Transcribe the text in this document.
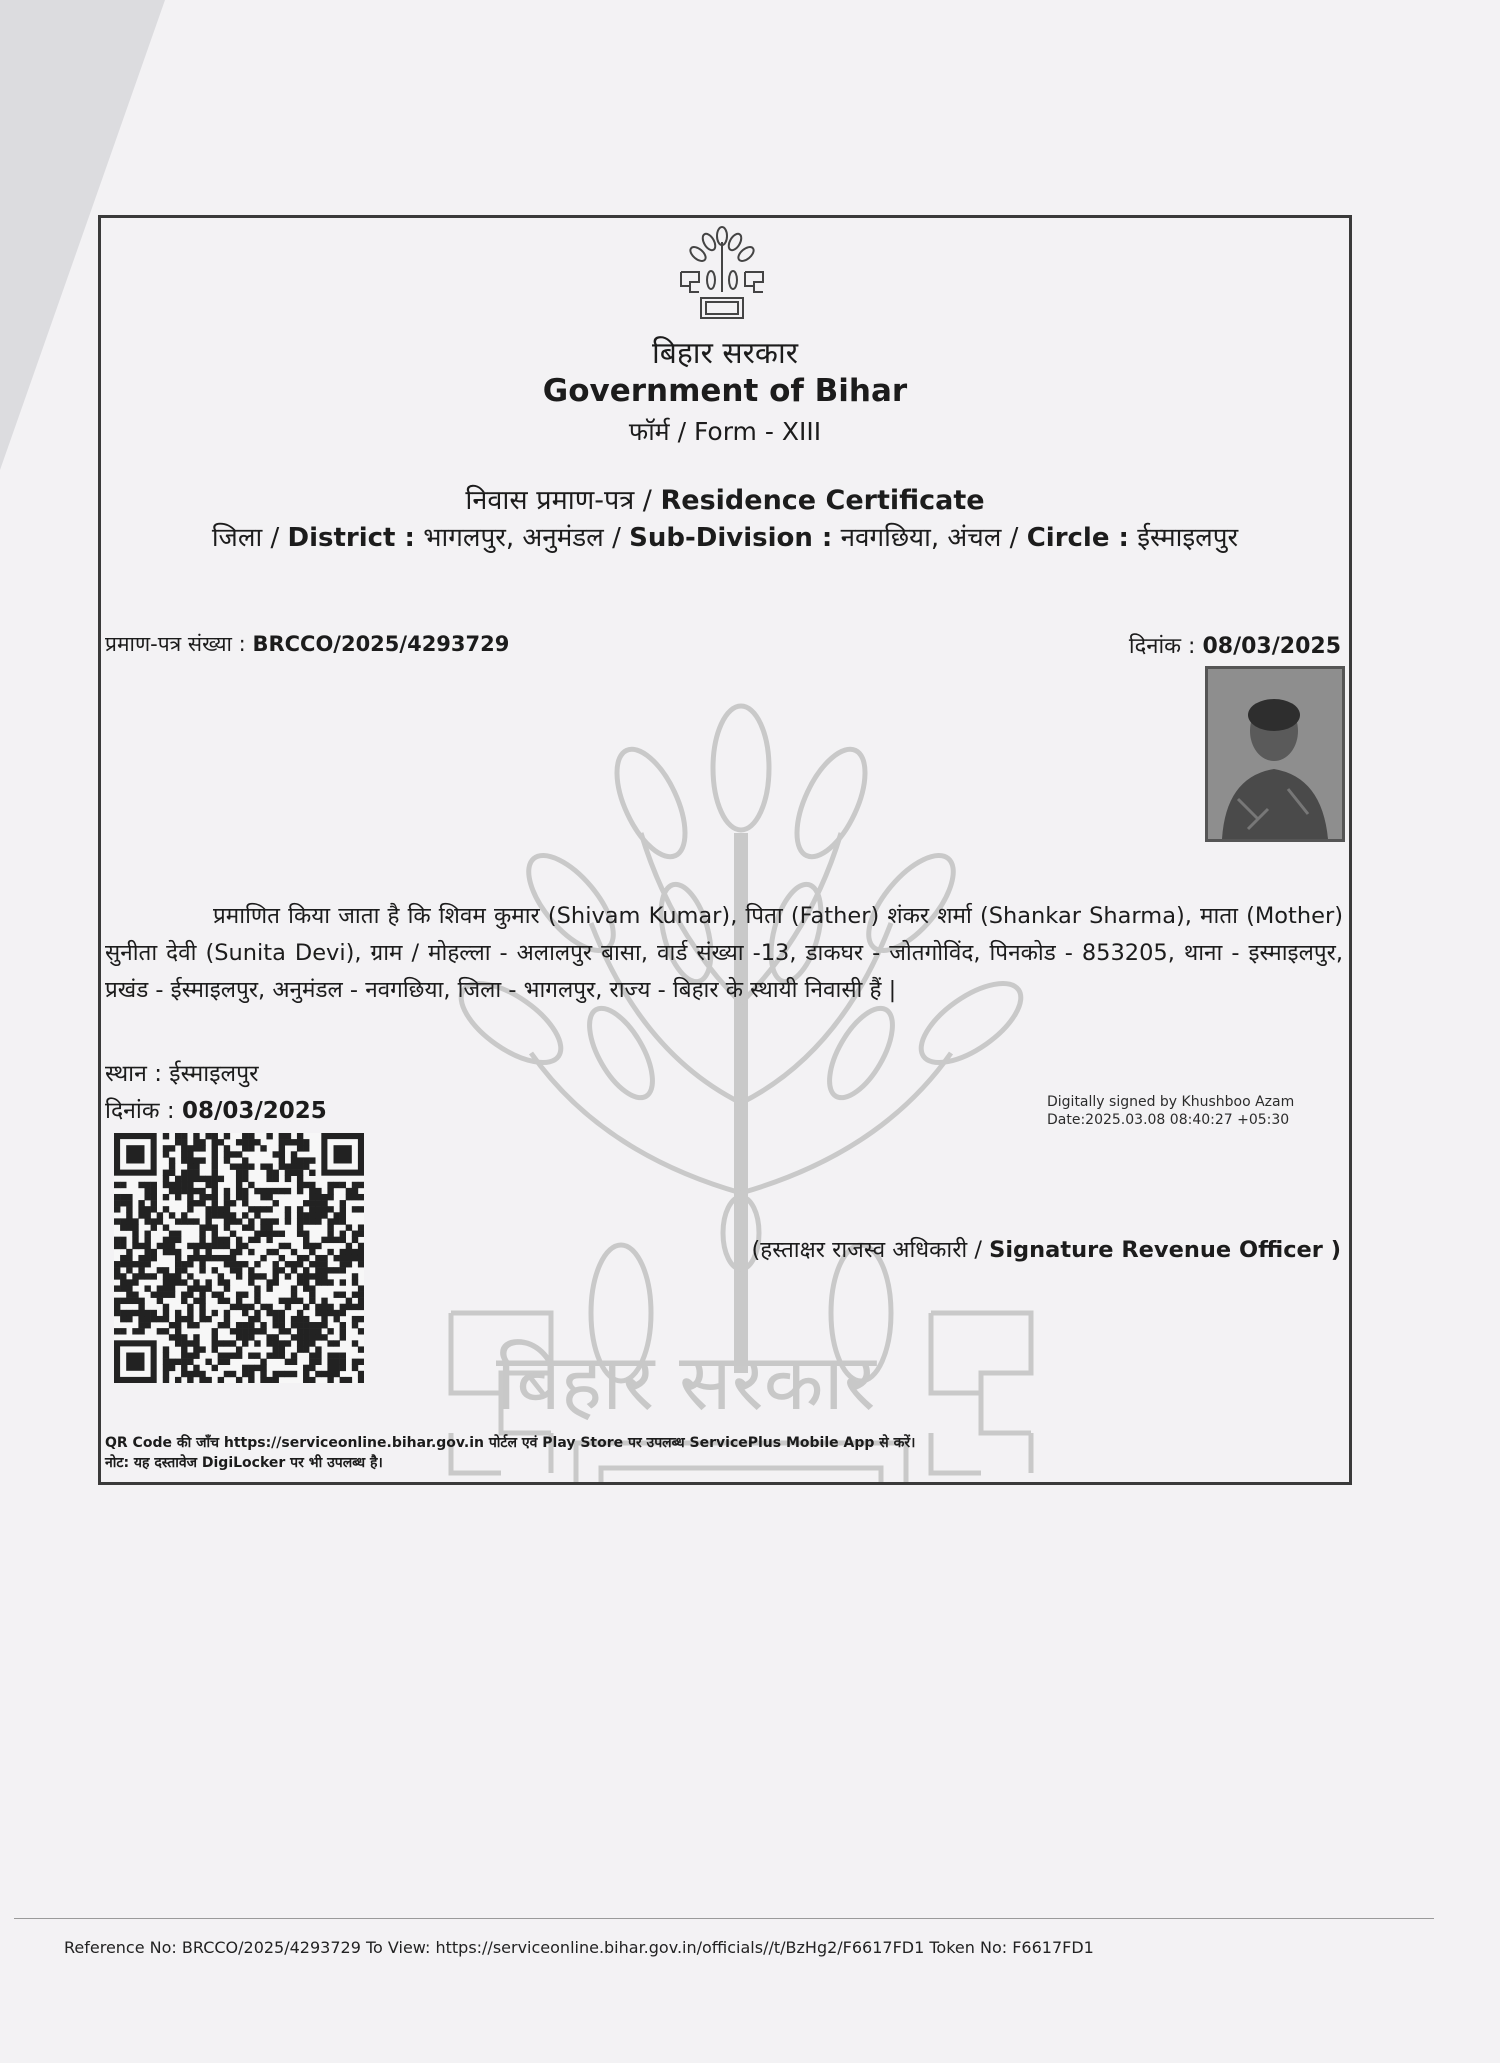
बिहार सरकार
बिहार सरकार
Government of Bihar
फॉर्म / Form - XIII
निवास प्रमाण-पत्र / Residence Certificate
जिला / District : भागलपुर, अनुमंडल / Sub-Division : नवगछिया, अंचल / Circle : ईस्माइलपुर
प्रमाण-पत्र संख्या : BRCCO/2025/4293729	दिनांक : 08/03/2025
प्रमाणित किया जाता है कि शिवम कुमार (Shivam Kumar), पिता (Father) शंकर शर्मा (Shankar Sharma), माता (Mother) सुनीता देवी (Sunita Devi), ग्राम / मोहल्ला - अलालपुर बासा, वार्ड संख्या -13, डाकघर - जोतगोविंद, पिनकोड - 853205, थाना - इस्माइलपुर, प्रखंड - ईस्माइलपुर, अनुमंडल - नवगछिया, जिला - भागलपुर, राज्य - बिहार के स्थायी निवासी हैं |
स्थान : ईस्माइलपुर
दिनांक : 08/03/2025	Digitally signed by Khushboo Azam
Date:2025.03.08 08:40:27 +05:30
(हस्ताक्षर राजस्व अधिकारी / Signature Revenue Officer )
QR Code की जाँच https://serviceonline.bihar.gov.in पोर्टल एवं Play Store पर उपलब्ध ServicePlus Mobile App से करें।
नोट: यह दस्तावेज DigiLocker पर भी उपलब्ध है।
Reference No: BRCCO/2025/4293729 To View: https://serviceonline.bihar.gov.in/officials//t/BzHg2/F6617FD1 Token No: F6617FD1
